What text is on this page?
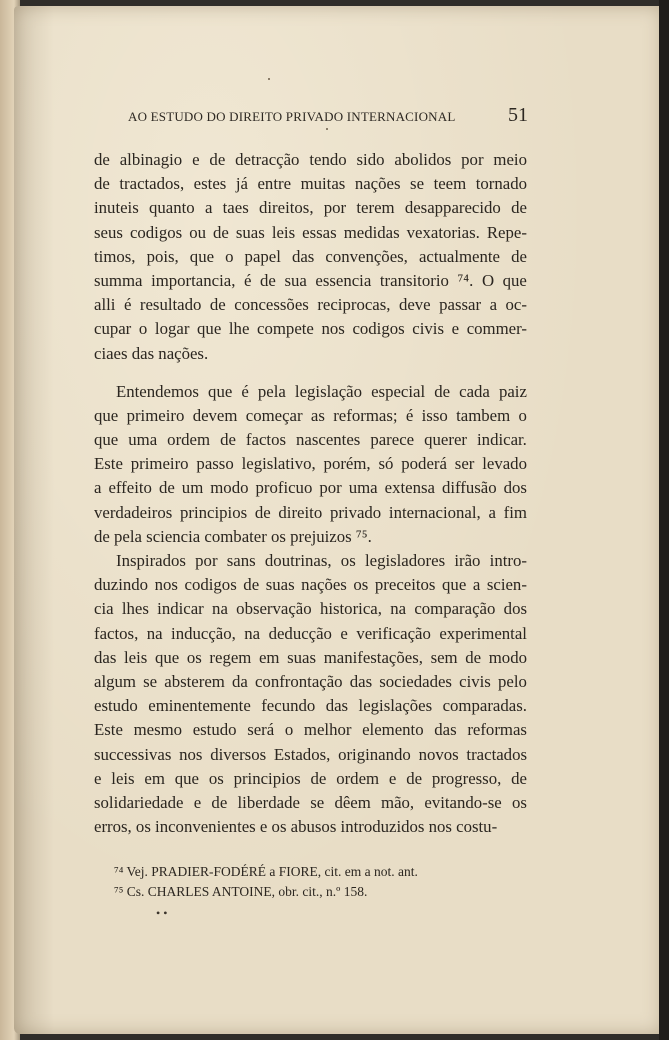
AO ESTUDO DO DIREITO PRIVADO INTERNACIONAL	51
de albinagio e de detracção tendo sido abolidos por meio
de tractados, estes já entre muitas nações se teem tornado
inuteis quanto a taes direitos, por terem desapparecido de
seus codigos ou de suas leis essas medidas vexatorias. Repe-
timos, pois, que o papel das convenções, actualmente de
summa importancia, é de sua essencia transitorio ⁷⁴. O que
alli é resultado de concessões reciprocas, deve passar a oc-
cupar o logar que lhe compete nos codigos civis e commer-
ciaes das nações.
Entendemos que é pela legislação especial de cada paiz
que primeiro devem começar as reformas; é isso tambem o
que uma ordem de factos nascentes parece querer indicar.
Este primeiro passo legislativo, porém, só poderá ser levado
a effeito de um modo proficuo por uma extensa diffusão dos
verdadeiros principios de direito privado internacional, a fim
de pela sciencia combater os prejuizos ⁷⁵.
Inspirados por sans doutrinas, os legisladores irão intro-
duzindo nos codigos de suas nações os preceitos que a scien-
cia lhes indicar na observação historica, na comparação dos
factos, na inducção, na deducção e verificação experimental
das leis que os regem em suas manifestações, sem de modo
algum se absterem da confrontação das sociedades civis pelo
estudo eminentemente fecundo das legislações comparadas.
Este mesmo estudo será o melhor elemento das reformas
successivas nos diversos Estados, originando novos tractados
e leis em que os principios de ordem e de progresso, de
solidariedade e de liberdade se dêem mão, evitando-se os
erros, os inconvenientes e os abusos introduzidos nos costu-
⁷⁴ Vej. PRADIER-FODÉRÉ a FIORE, cit. em a not. ant.
⁷⁵ Cs. CHARLES ANTOINE, obr. cit., n.º 158.
• •
